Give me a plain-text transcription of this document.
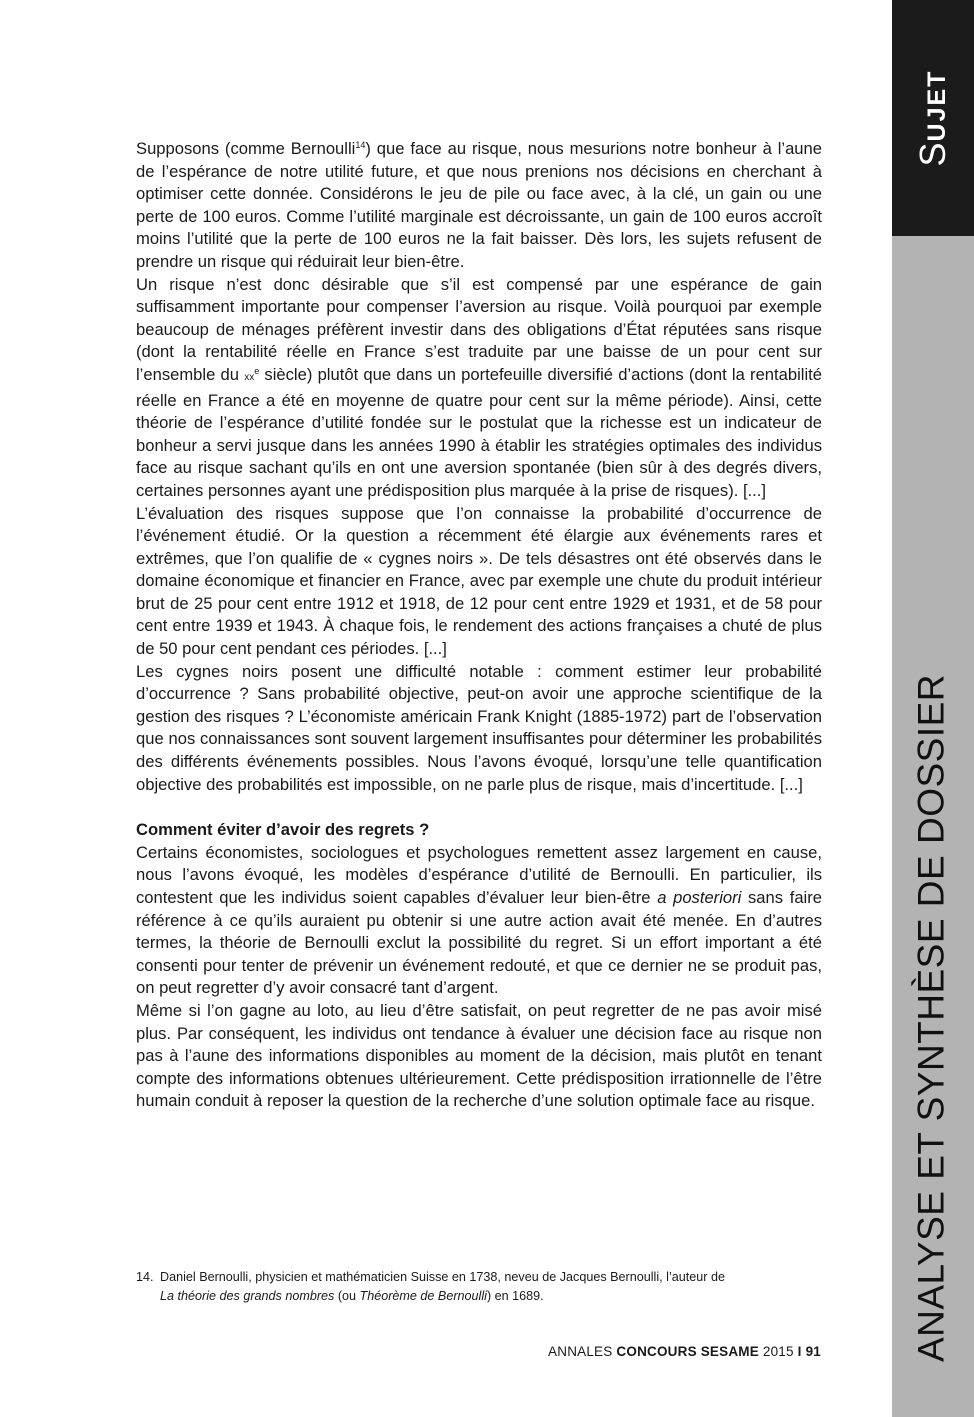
SUJET
ANALYSE ET SYNTHÈSE DE DOSSIER

Supposons (comme Bernoulli$^{14}$) que face au risque, nous mesurions notre bonheur à l’aune de l’espérance de notre utilité future, et que nous prenions nos décisions en cherchant à optimiser cette donnée. Considérons le jeu de pile ou face avec, à la clé, un gain ou une perte de 100 euros. Comme l’utilité marginale est décroissante, un gain de 100 euros accroît moins l’utilité que la perte de 100 euros ne la fait baisser. Dès lors, les sujets refusent de prendre un risque qui réduirait leur bien-être.

Un risque n’est donc désirable que s’il est compensé par une espérance de gain suffisamment importante pour compenser l’aversion au risque. Voilà pourquoi par exemple beaucoup de ménages préfèrent investir dans des obligations d’État réputées sans risque (dont la rentabilité réelle en France s’est traduite par une baisse de un pour cent sur l’ensemble du xx$^e$ siècle) plutôt que dans un portefeuille diversifié d’actions (dont la rentabilité réelle en France a été en moyenne de quatre pour cent sur la même période). Ainsi, cette théorie de l’espérance d’utilité fondée sur le postulat que la richesse est un indicateur de bonheur a servi jusque dans les années 1990 à établir les stratégies optimales des individus face au risque sachant qu’ils en ont une aversion spontanée (bien sûr à des degrés divers, certaines personnes ayant une prédisposition plus marquée à la prise de risques). [...]

L’évaluation des risques suppose que l’on connaisse la probabilité d’occurrence de l’événement étudié. Or la question a récemment été élargie aux événements rares et extrêmes, que l’on qualifie de « cygnes noirs ». De tels désastres ont été observés dans le domaine économique et financier en France, avec par exemple une chute du produit intérieur brut de 25 pour cent entre 1912 et 1918, de 12 pour cent entre 1929 et 1931, et de 58 pour cent entre 1939 et 1943. À chaque fois, le rendement des actions françaises a chuté de plus de 50 pour cent pendant ces périodes. [...]

Les cygnes noirs posent une difficulté notable : comment estimer leur probabilité d’occurrence ? Sans probabilité objective, peut-on avoir une approche scientifique de la gestion des risques ? L’économiste américain Frank Knight (1885-1972) part de l’observation que nos connaissances sont souvent largement insuffisantes pour déterminer les probabilités des différents événements possibles. Nous l’avons évoqué, lorsqu’une telle quantification objective des probabilités est impossible, on ne parle plus de risque, mais d’incertitude. [...]

Comment éviter d’avoir des regrets ?

Certains économistes, sociologues et psychologues remettent assez largement en cause, nous l’avons évoqué, les modèles d’espérance d’utilité de Bernoulli. En particulier, ils contestent que les individus soient capables d’évaluer leur bien-être a posteriori sans faire référence à ce qu’ils auraient pu obtenir si une autre action avait été menée. En d’autres termes, la théorie de Bernoulli exclut la possibilité du regret. Si un effort important a été consenti pour tenter de prévenir un événement redouté, et que ce dernier ne se produit pas, on peut regretter d’y avoir consacré tant d’argent.

Même si l’on gagne au loto, au lieu d’être satisfait, on peut regretter de ne pas avoir misé plus. Par conséquent, les individus ont tendance à évaluer une décision face au risque non pas à l’aune des informations disponibles au moment de la décision, mais plutôt en tenant compte des informations obtenues ultérieurement. Cette prédisposition irrationnelle de l’être humain conduit à reposer la question de la recherche d’une solution optimale face au risque.

14. Daniel Bernoulli, physicien et mathématicien Suisse en 1738, neveu de Jacques Bernoulli, l’auteur de
La théorie des grands nombres (ou Théorème de Bernoulli) en 1689.
ANNALES CONCOURS SESAME 2015 I 91
